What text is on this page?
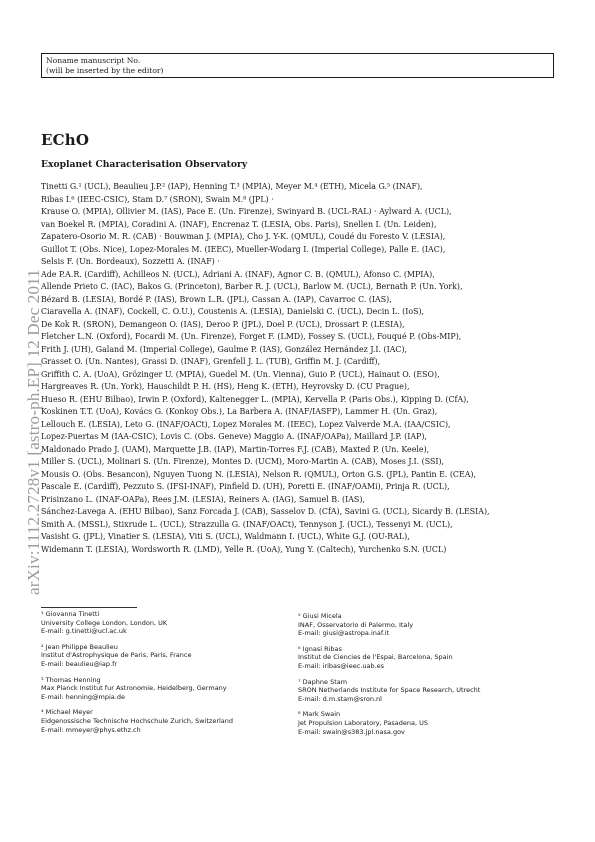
arXiv:1112.2728v1 [astro-ph.EP] 12 Dec 2011
Noname manuscript No.
(will be inserted by the editor)
EChO
Exoplanet Characterisation Observatory
Tinetti G.¹ (UCL), Beaulieu J.P.² (IAP), Henning T.³ (MPIA), Meyer M.⁴ (ETH), Micela G.⁵ (INAF),
Ribas I.⁶ (IEEC-CSIC), Stam D.⁷ (SRON), Swain M.⁸ (JPL) ·
Krause O. (MPIA), Ollivier M. (IAS), Pace E. (Un. Firenze), Swinyard B. (UCL-RAL) · Aylward A. (UCL),
van Boekel R. (MPIA), Coradini A. (INAF), Encrenaz T. (LESIA, Obs. Paris), Snellen I. (Un. Leiden),
Zapatero-Osorio M. R. (CAB) · Bouwman J. (MPIA), Cho J. Y-K. (QMUL), Coudé du Foresto V. (LESIA),
Guillot T. (Obs. Nice), Lopez-Morales M. (IEEC), Mueller-Wodarg I. (Imperial College), Palle E. (IAC),
Selsis F. (Un. Bordeaux), Sozzetti A. (INAF) ·
Ade P.A.R. (Cardiff), Achilleos N. (UCL), Adriani A. (INAF), Agnor C. B. (QMUL), Afonso C. (MPIA),
Allende Prieto C. (IAC), Bakos G. (Princeton), Barber R. J. (UCL), Barlow M. (UCL), Bernath P. (Un. York),
Bézard B. (LESIA), Bordé P. (IAS), Brown L.R. (JPL), Cassan A. (IAP), Cavarroc C. (IAS),
Ciaravella A. (INAF), Cockell, C. O.U.), Coustenis A. (LESIA), Danielski C. (UCL), Decin L. (IoS),
De Kok R. (SRON), Demangeon O. (IAS), Deroo P. (JPL), Doel P. (UCL), Drossart P. (LESIA),
Fletcher L.N. (Oxford), Focardi M. (Un. Firenze), Forget F. (LMD), Fossey S. (UCL), Fouqué P. (Obs-MIP),
Frith J. (UH), Galand M. (Imperial College), Gaulme P. (IAS), González Hernández J.I. (IAC),
Grasset O. (Un. Nantes), Grassi D. (INAF), Grenfell J. L. (TUB), Griffin M. J. (Cardiff),
Griffith C. A. (UoA), Grözinger U. (MPIA), Guedel M. (Un. Vienna), Guio P. (UCL), Hainaut O. (ESO),
Hargreaves R. (Un. York), Hauschildt P. H. (HS), Heng K. (ETH), Heyrovsky D. (CU Prague),
Hueso R. (EHU Bilbao), Irwin P. (Oxford), Kaltenegger L. (MPIA), Kervella P. (Paris Obs.), Kipping D. (CfA),
Koskinen T.T. (UoA), Kovács G. (Konkoy Obs.), La Barbera A. (INAF/IASFP), Lammer H. (Un. Graz),
Lellouch E. (LESIA), Leto G. (INAF/OACt), Lopez Morales M. (IEEC), Lopez Valverde M.A. (IAA/CSIC),
Lopez-Puertas M (IAA-CSIC), Lovis C. (Obs. Geneve) Maggio A. (INAF/OAPa), Maillard J.P. (IAP),
Maldonado Prado J. (UAM), Marquette J.B. (IAP), Martin-Torres F.J. (CAB), Maxted P. (Un. Keele),
Miller S. (UCL), Molinari S. (Un. Firenze), Montes D. (UCM), Moro-Martin A. (CAB), Moses J.I. (SSI),
Mousis O. (Obs. Besancon), Nguyen Tuong N. (LESIA), Nelson R. (QMUL), Orton G.S. (JPL), Pantin E. (CEA),
Pascale E. (Cardiff), Pezzuto S. (IFSI-INAF), Pinfield D. (UH), Poretti E. (INAF/OAMi), Prinja R. (UCL),
Prisinzano L. (INAF-OAPa), Rees J.M. (LESIA), Reiners A. (IAG), Samuel B. (IAS),
Sánchez-Lavega A. (EHU Bilbao), Sanz Forcada J. (CAB), Sasselov D. (CfA), Savini G. (UCL), Sicardy B. (LESIA),
Smith A. (MSSL), Stixrude L. (UCL), Strazzulla G. (INAF/OACt), Tennyson J. (UCL), Tessenyi M. (UCL),
Vasisht G. (JPL), Vinatier S. (LESIA), Viti S. (UCL), Waldmann I. (UCL), White G.J. (OU-RAL),
Widemann T. (LESIA), Wordsworth R. (LMD), Yelle R. (UoA), Yung Y. (Caltech), Yurchenko S.N. (UCL)
¹ Giovanna Tinetti
University College London, London, UK
E-mail: g.tinetti@ucl.ac.uk
² Jean Philippe Beaulieu
Institut d'Astrophysique de Paris, Paris, France
E-mail: beaulieu@iap.fr
³ Thomas Henning
Max Planck Institut fur Astronomie, Heidelberg, Germany
E-mail: henning@mpia.de
⁴ Michael Meyer
Eidgenossische Technische Hochschule Zurich, Switzerland
E-mail: mmeyer@phys.ethz.ch
⁵ Giusi Micela
INAF, Osservatorio di Palermo, Italy
E-mail: giusi@astropa.inaf.it
⁶ Ignasi Ribas
Institut de Ciencies de l'Espai, Barcelona, Spain
E-mail: iribas@ieec.uab.es
⁷ Daphne Stam
SRON Netherlands Institute for Space Research, Utrecht
E-mail: d.m.stam@sron.nl
⁸ Mark Swain
Jet Propulsion Laboratory, Pasadena, US
E-mail: swain@s383.jpl.nasa.gov
